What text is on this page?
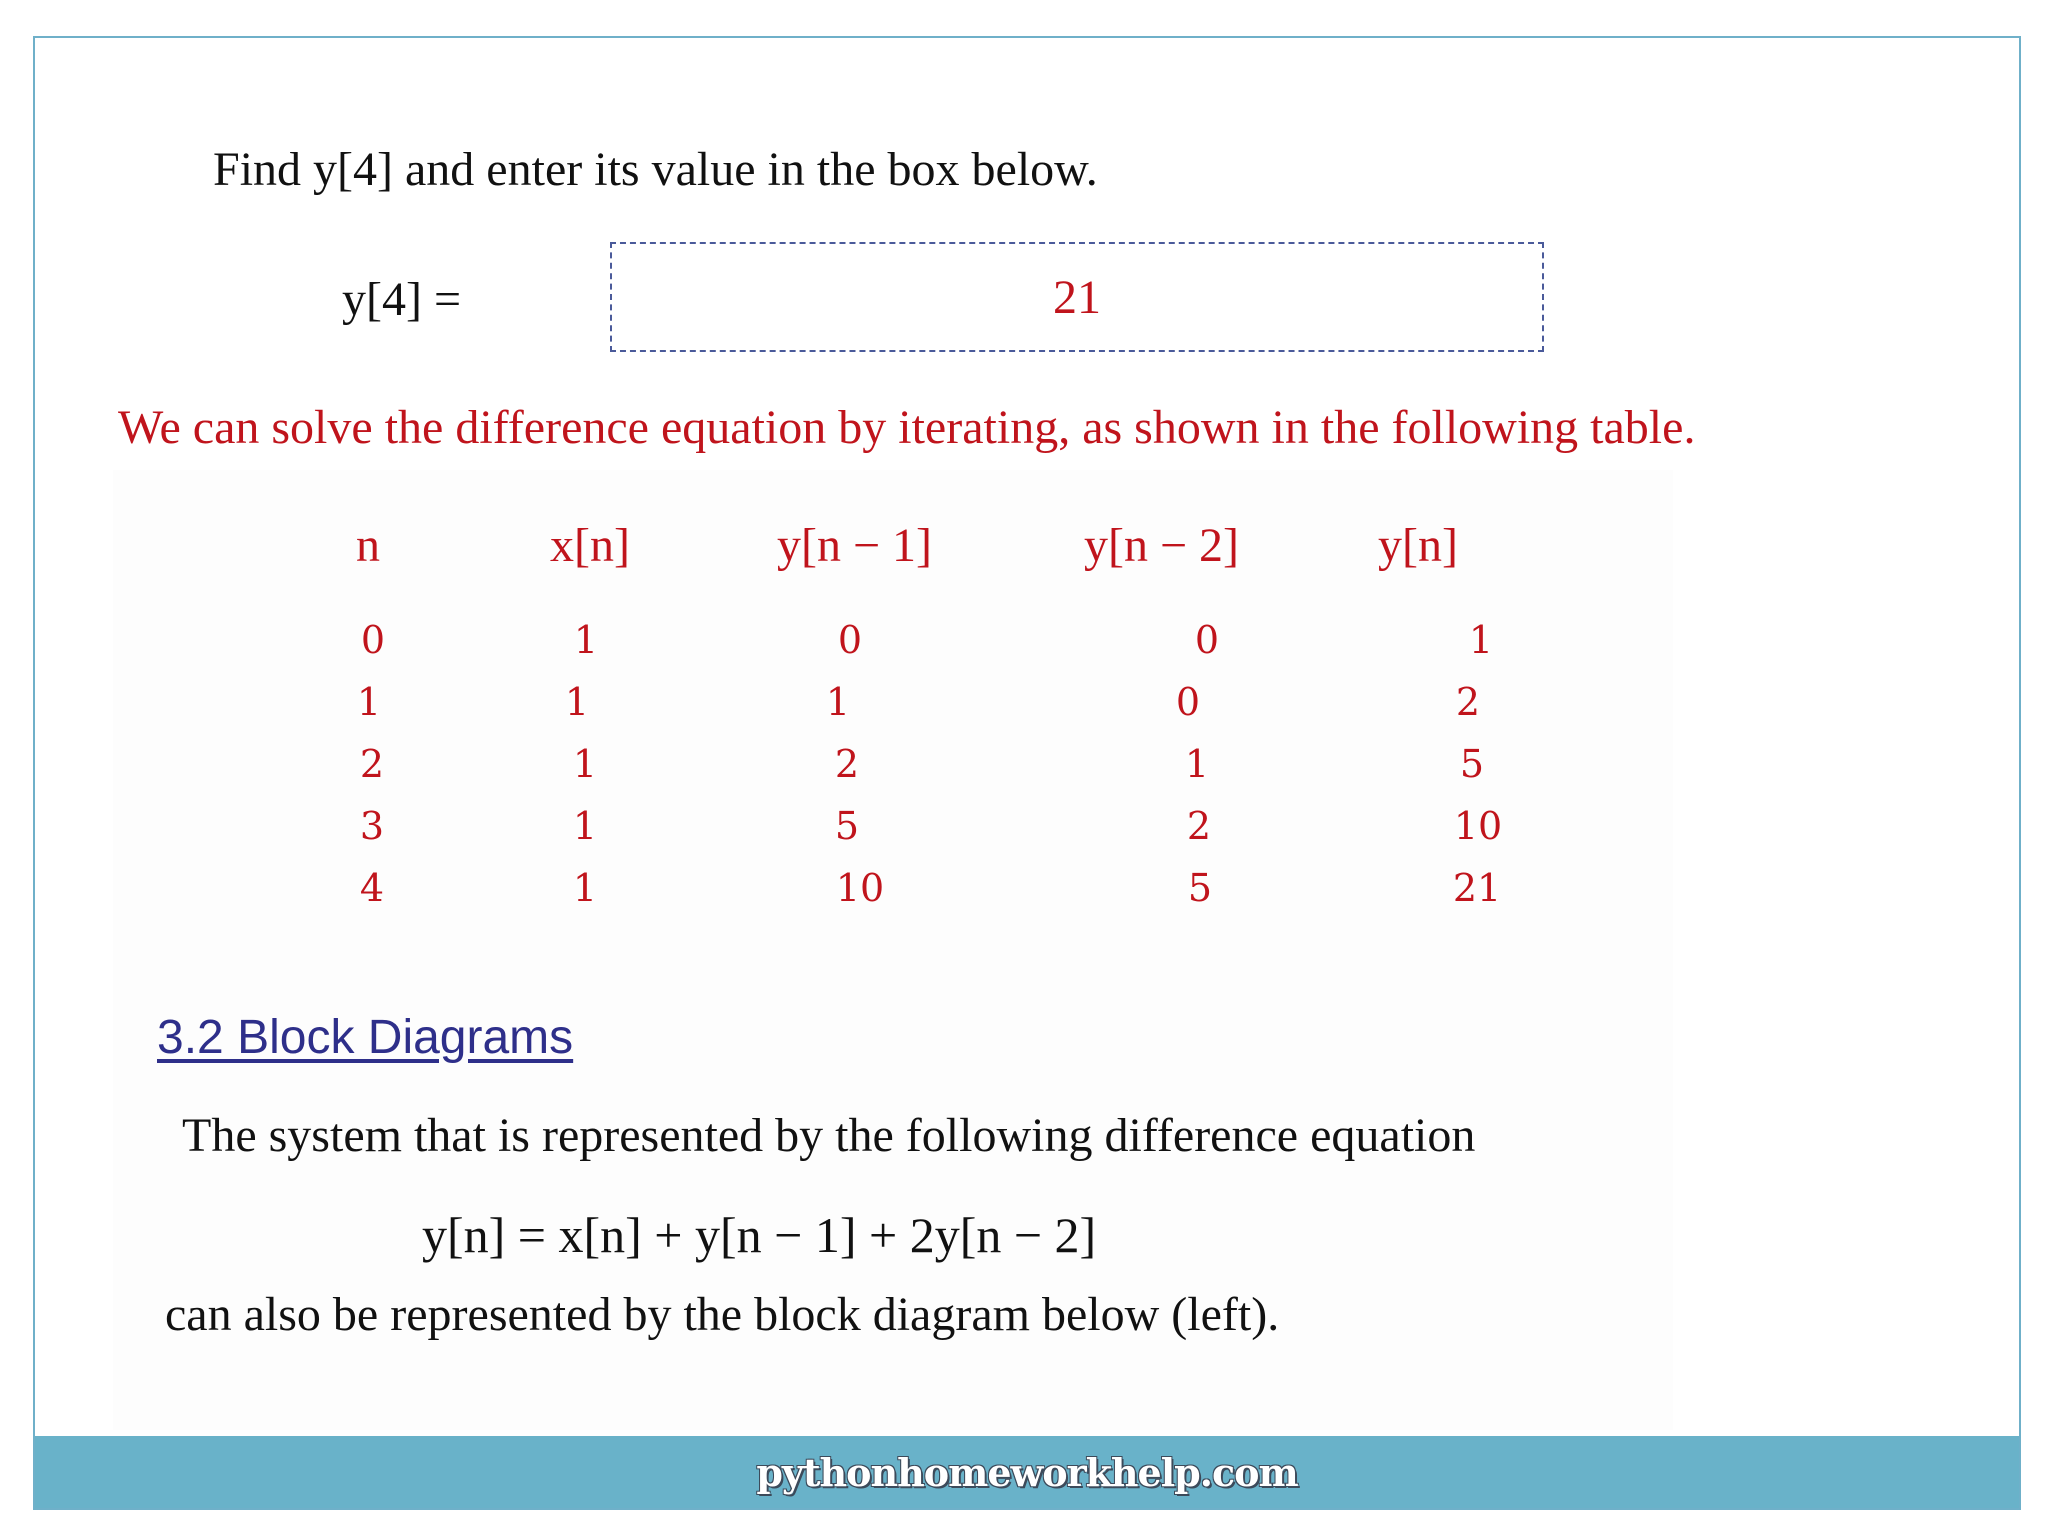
Find y[4] and enter its value in the box below.
y[4] =	21
We can solve the difference equation by iterating, as shown in the following table.
n	x[n]	y[n − 1]	y[n − 2]	y[n]
0	1	0	0	1
1	1	1	0	2
2	1	2	1	5
3	1	5	2	10
4	1	10	5	21
3.2 Block Diagrams
The system that is represented by the following difference equation
y[n] = x[n] + y[n − 1] + 2y[n − 2]
can also be represented by the block diagram below (left).
pythonhomeworkhelp.com
